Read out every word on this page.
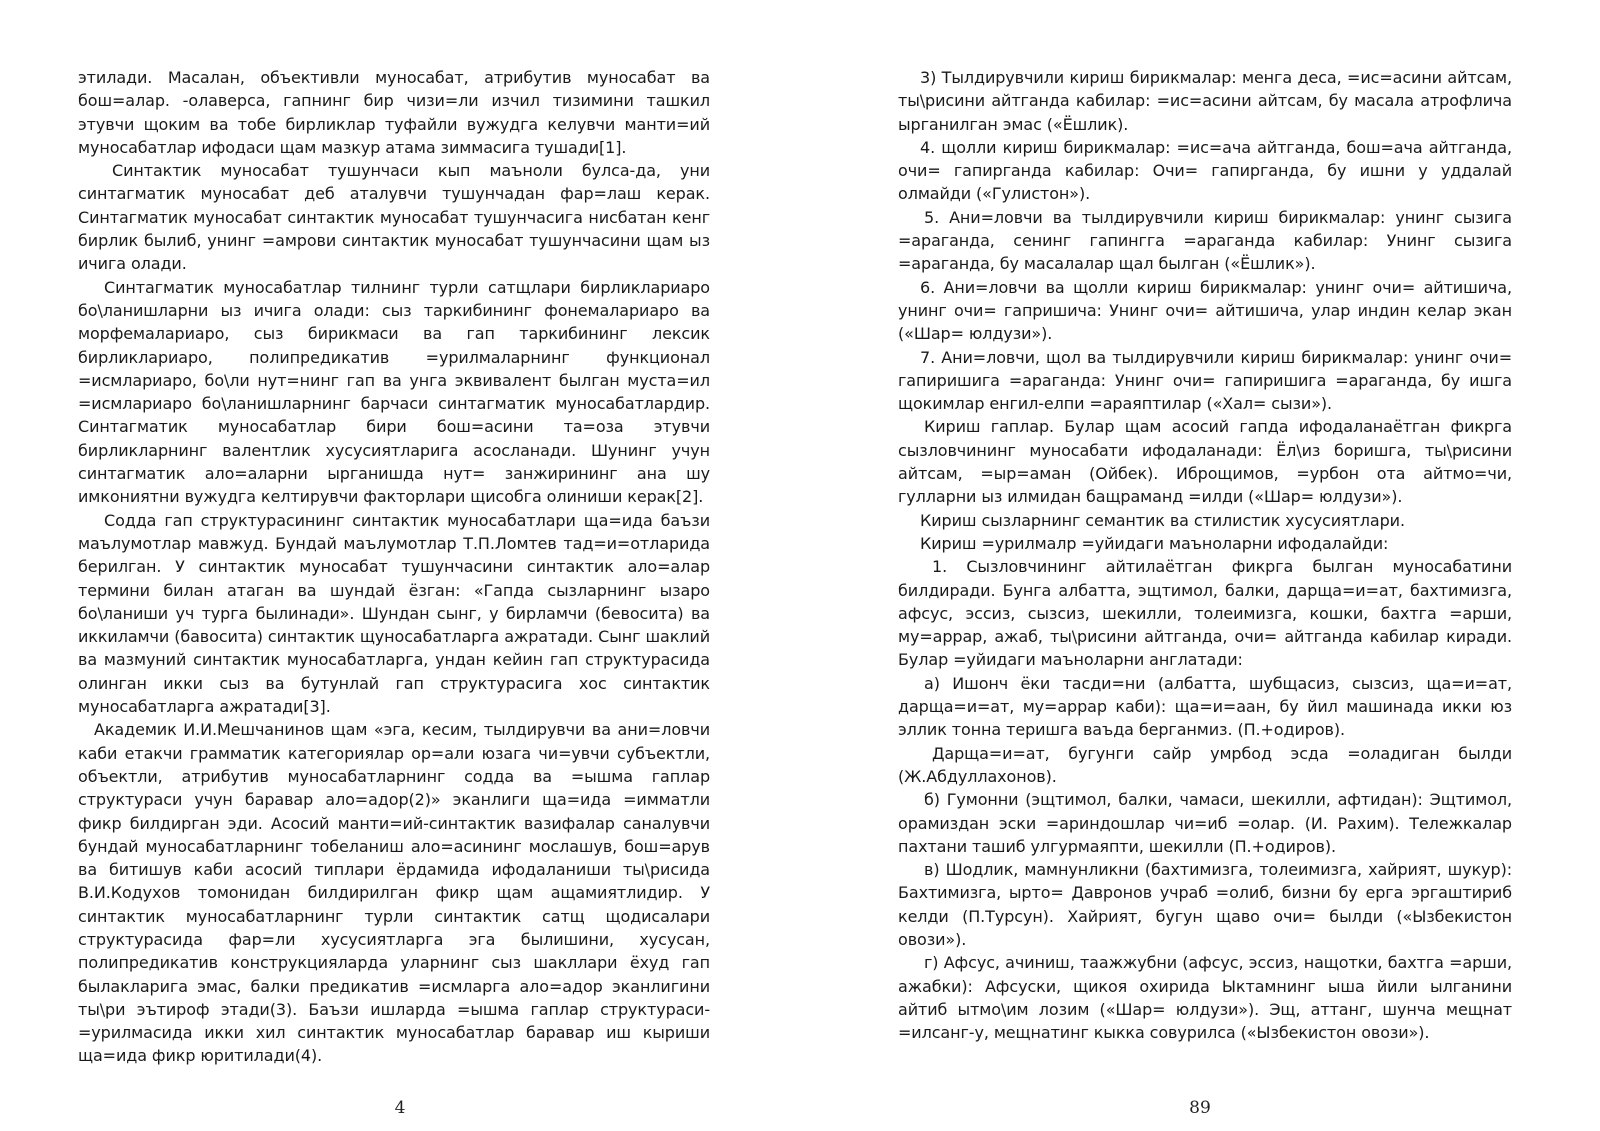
этилади. Масалан, объективли муносабат, атрибутив муносабат ва бош=алар. -олаверса, гапнинг бир чизи=ли изчил тизимини ташкил этувчи щоким ва тобе бирликлар туфайли вужудга келувчи манти=ий муносабатлар ифодаси щам мазкур атама зиммасига тушади[1].

Синтактик муносабат тушунчаси кып маъноли булса-да, уни синтагматик муносабат деб аталувчи тушунчадан фар=лаш керак. Синтагматик муносабат синтактик муносабат тушунчасига нисбатан кенг бирлик былиб, унинг =амрови синтактик муносабат тушунчасини щам ыз ичига олади.

Синтагматик муносабатлар тилнинг турли сатщлари бирликлариаро бо\ланишларни ыз ичига олади: сыз таркибининг фонемалариаро ва морфемалариаро, сыз бирикмаси ва гап таркибининг лексик бирликлариаро, полипредикатив =урилмаларнинг функционал =исмлариаро, бо\ли нут=нинг гап ва унга эквивалент былган муста=ил =исмлариаро бо\ланишларнинг барчаси синтагматик муносабатлардир. Синтагматик муносабатлар бири бош=асини та=оза этувчи бирликларнинг валентлик хусусиятларига асосланади. Шунинг учун синтагматик ало=аларни ырганишда нут= занжирининг ана шу имкониятни вужудга келтирувчи факторлари щисобга олиниши керак[2].

Содда гап структурасининг синтактик муносабатлари ща=ида баъзи маълумотлар мавжуд. Бундай маълумотлар Т.П.Ломтев тад=и=отларида берилган. У синтактик муносабат тушунчасини синтактик ало=алар термини билан атаган ва шундай ёзган: «Гапда сызларнинг ызаро бо\ланиши уч турга былинади». Шундан сынг, у бирламчи (бевосита) ва иккиламчи (бавосита) синтактик щуносабатларга ажратади. Сынг шаклий ва мазмуний синтактик муносабатларга, ундан кейин гап структурасида олинган икки сыз ва бутунлай гап структурасига хос синтактик муносабатларга ажратади[3].

Академик И.И.Мешчанинов щам «эга, кесим, тылдирувчи ва ани=ловчи каби етакчи грамматик категориялар ор=али юзага чи=увчи субъектли, объектли, атрибутив муносабатларнинг содда ва =ышма гаплар структураси учун баравар ало=адор(2)» эканлиги ща=ида =имматли фикр билдирган эди. Асосий манти=ий-синтактик вазифалар саналувчи бундай муносабатларнинг тобеланиш ало=асининг мослашув, бош=арув ва битишув каби асосий типлари ёрдамида ифодаланиши ты\рисида В.И.Кодухов томонидан билдирилган фикр щам ащамиятлидир. У синтактик муносабатларнинг турли синтактик сатщ щодисалари структурасида фар=ли хусусиятларга эга былишини, хусусан, полипредикатив конструкцияларда уларнинг сыз шакллари ёхуд гап былакларига эмас, балки предикатив =исмларга ало=адор эканлигини ты\ри эътироф этади(3). Баъзи ишларда =ышма гаплар структураси- =урилмасида икки хил синтактик муносабатлар баравар иш кыриши ща=ида фикр юритилади(4).

4

3) Тылдирувчили кириш бирикмалар: менга деса, =ис=асини айтсам, ты\рисини айтганда кабилар: =ис=асини айтсам, бу масала атрофлича ырганилган эмас («Ёшлик).

4. щолли кириш бирикмалар: =ис=ача айтганда, бош=ача айтганда, очи= гапирганда кабилар: Очи= гапирганда, бу ишни у уддалай олмайди («Гулистон»).

5. Ани=ловчи ва тылдирувчили кириш бирикмалар: унинг сызига =араганда, сенинг гапингга =араганда кабилар: Унинг сызига =араганда, бу масалалар щал былган («Ёшлик»).

6. Ани=ловчи ва щолли кириш бирикмалар: унинг очи= айтишича, унинг очи= гапришича: Унинг очи= айтишича, улар индин келар экан («Шар= юлдузи»).

7. Ани=ловчи, щол ва тылдирувчили кириш бирикмалар: унинг очи= гапиришига =араганда: Унинг очи= гапиришига =араганда, бу ишга щокимлар енгил-елпи =араяптилар («Хал= сызи»).

Кириш гаплар. Булар щам асосий гапда ифодаланаётган фикрга сызловчининг муносабати ифодаланади: Ёл\из боришга, ты\рисини айтсам, =ыр=аман (Ойбек). Иброщимов, =урбон ота айтмо=чи, гулларни ыз илмидан бащраманд =илди («Шар= юлдузи»).

Кириш сызларнинг семантик ва стилистик хусусиятлари.

Кириш =урилмалр =уйидаги маъноларни ифодалайди:

1. Сызловчининг айтилаётган фикрга былган муносабатини билдиради. Бунга албатта, эщтимол, балки, дарща=и=ат, бахтимизга, афсус, эссиз, сызсиз, шекилли, толеимизга, кошки, бахтга =арши, му=аррар, ажаб, ты\рисини айтганда, очи= айтганда кабилар киради. Булар =уйидаги маъноларни англатади:

а) Ишонч ёки тасди=ни (албатта, шубщасиз, сызсиз, ща=и=ат, дарща=и=ат, му=аррар каби): ща=и=аан, бу йил машинада икки юз эллик тонна теришга ваъда берганмиз. (П.+одиров).

Дарща=и=ат, бугунги сайр умрбод эсда =оладиган былди (Ж.Абдуллахонов).

б) Гумонни (эщтимол, балки, чамаси, шекилли, афтидан): Эщтимол, орамиздан эски =ариндошлар чи=иб =олар. (И. Рахим). Тележкалар пахтани ташиб улгурмаяпти, шекилли (П.+одиров).

в) Шодлик, мамнунликни (бахтимизга, толеимизга, хайрият, шукур): Бахтимизга, ырто= Давронов учраб =олиб, бизни бу ерга эргаштириб келди (П.Турсун). Хайрият, бугун щаво очи= былди («Ызбекистон овози»).

г) Афсус, ачиниш, таажжубни (афсус, эссиз, нащотки, бахтга =арши, ажабки): Афсуски, щикоя охирида Ыктамнинг ыша йили ылганини айтиб ытмо\им лозим («Шар= юлдузи»). Эщ, аттанг, шунча мещнат =илсанг-у, мещнатинг кыкка совурилса («Ызбекистон овози»).

89
